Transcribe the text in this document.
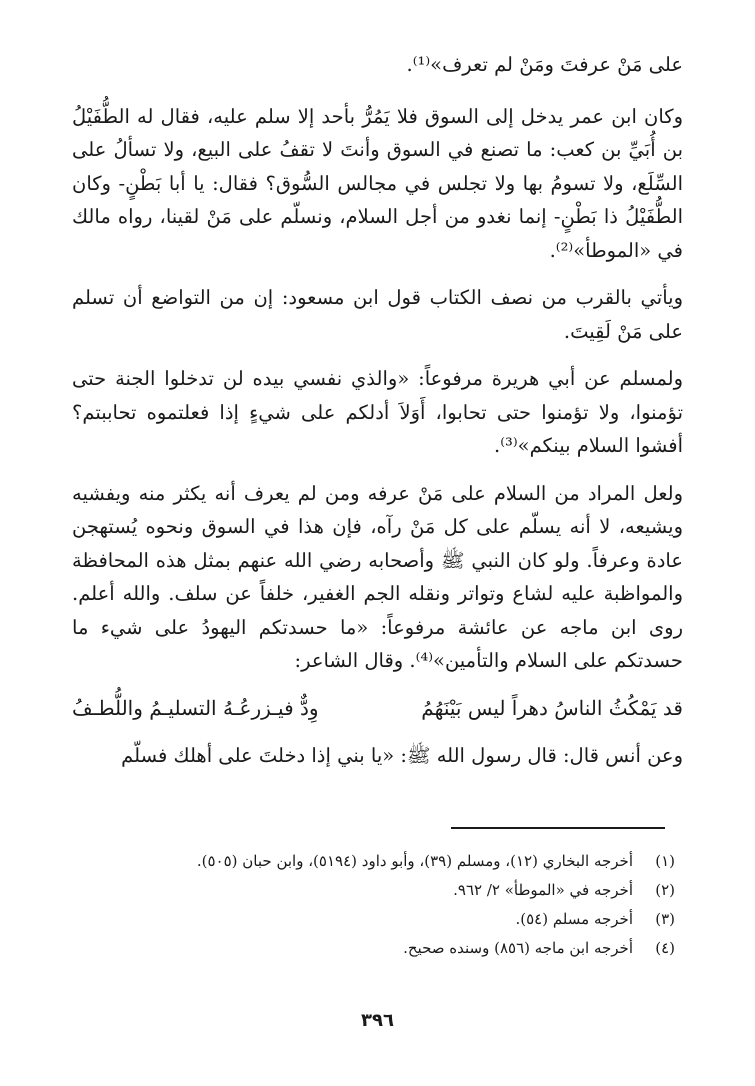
على مَنْ عرفتَ ومَنْ لم تعرف»⁽¹⁾.

وكان ابن عمر يدخل إلى السوق فلا يَمُرُّ بأحد إلا سلم عليه، فقال له الطُّفَيْلُ بن أُبَيِّ بن كعب: ما تصنع في السوق وأنتَ لا تقفُ على البيع، ولا تسألُ على السِّلَع، ولا تسومُ بها ولا تجلس في مجالس السُّوق؟ فقال: يا أبا بَطْنٍ- وكان الطُّفَيْلُ ذا بَطْنٍ- إنما نغدو من أجل السلام، ونسلّم على مَنْ لقينا، رواه مالك في «الموطأ»⁽²⁾.

ويأتي بالقرب من نصف الكتاب قول ابن مسعود: إن من التواضع أن تسلم على مَنْ لَقِيتَ.

ولمسلم عن أبي هريرة مرفوعاً: «والذي نفسي بيده لن تدخلوا الجنة حتى تؤمنوا، ولا تؤمنوا حتى تحابوا، أَوَلاَ أدلكم على شيءٍ إذا فعلتموه تحاببتم؟ أفشوا السلام بينكم»⁽³⁾.

ولعل المراد من السلام على مَنْ عرفه ومن لم يعرف أنه يكثر منه ويفشيه ويشيعه، لا أنه يسلّم على كل مَنْ رآه، فإن هذا في السوق ونحوه يُستهجن عادة وعرفاً. ولو كان النبي ﷺ وأصحابه رضي الله عنهم بمثل هذه المحافظة والمواظبة عليه لشاع وتواتر ونقله الجم الغفير، خلفاً عن سلف. والله أعلم. روى ابن ماجه عن عائشة مرفوعاً: «ما حسدتكم اليهودُ على شيء ما حسدتكم على السلام والتأمين»⁽⁴⁾. وقال الشاعر:

قد يَمْكُثُ الناسُ دهراً ليس بَيْنَهُمُ
وِدٌّ فيـزرعُـهُ التسليـمُ واللُّطـفُ

وعن أنس قال: قال رسول الله ﷺ: «يا بني إذا دخلتَ على أهلك فسلّم

(١)
أخرجه البخاري (١٢)، ومسلم (٣٩)، وأبو داود (٥١٩٤)، وابن حبان (٥٠٥).
(٢)
أخرجه في «الموطأ» ٢/ ٩٦٢.
(٣)
أخرجه مسلم (٥٤).
(٤)
أخرجه ابن ماجه (٨٥٦) وسنده صحيح.
٣٩٦
